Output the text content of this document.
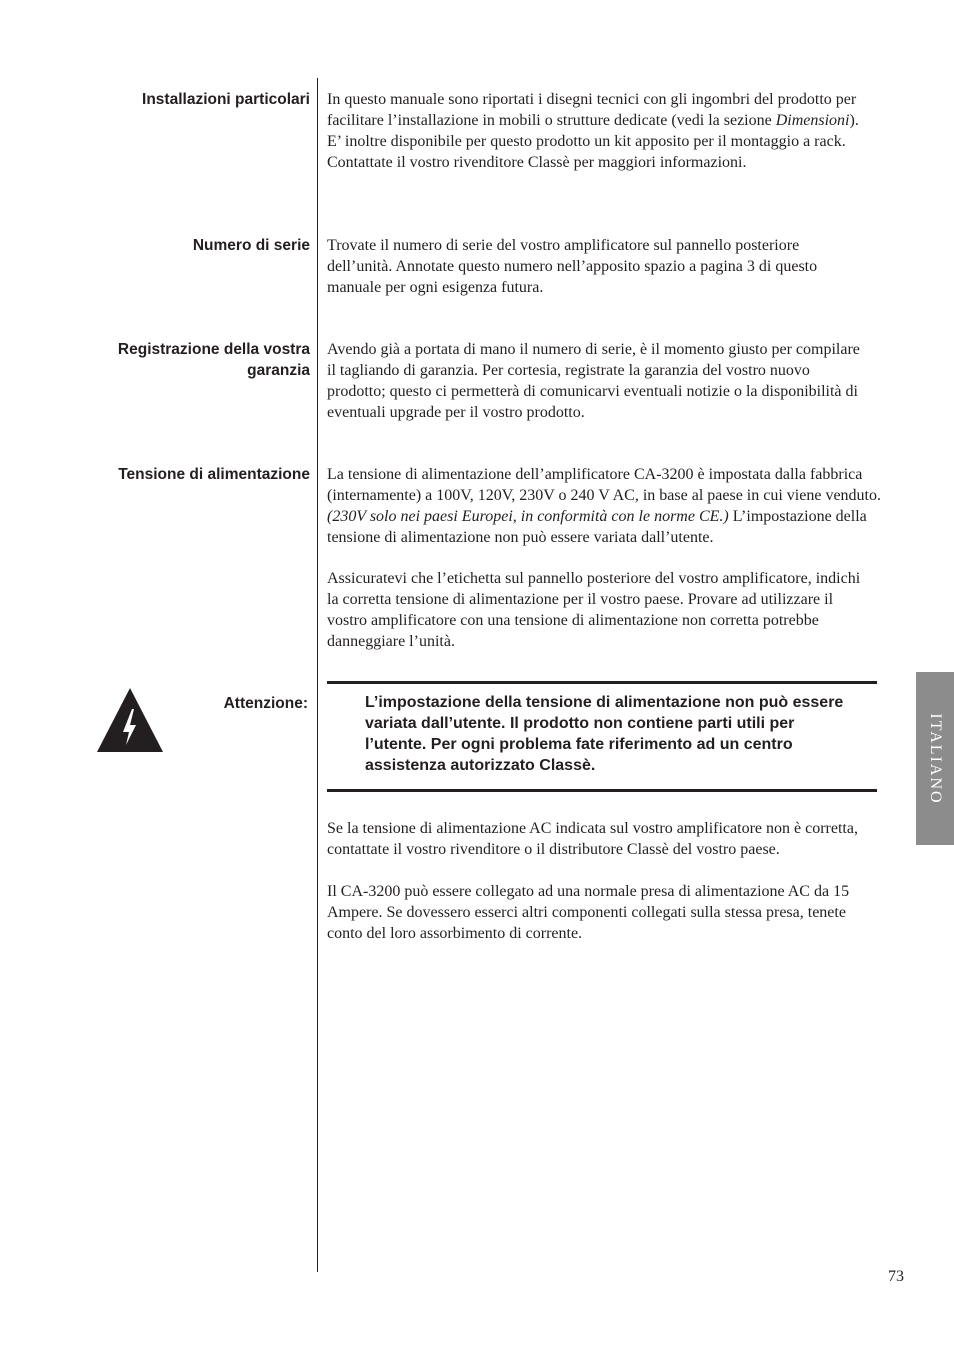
Installazioni particolari In questo manuale sono riportati i disegni tecnici con gli ingombri del prodotto per facilitare l’installazione in mobili o strutture dedicate (vedi la sezione Dimensioni). E’ inoltre disponibile per questo prodotto un kit apposito per il montaggio a rack. Contattate il vostro rivenditore Classè per maggiori informazioni.

Numero di serie Trovate il numero di serie del vostro amplificatore sul pannello posteriore dell’unità. Annotate questo numero nell’apposito spazio a pagina 3 di questo manuale per ogni esigenza futura.

Registrazione della vostra
garanzia

Avendo già a portata di mano il numero di serie, è il momento giusto per compilare il tagliando di garanzia. Per cortesia, registrate la garanzia del vostro nuovo prodotto; questo ci permetterà di comunicarvi eventuali notizie o la disponibilità di eventuali upgrade per il vostro prodotto.

Tensione di alimentazione La tensione di alimentazione dell’amplificatore CA-3200 è impostata dalla fabbrica (internamente) a 100V, 120V, 230V o 240 V AC, in base al paese in cui viene venduto. (230V solo nei paesi Europei, in conformità con le norme CE.) L’impostazione della tensione di alimentazione non può essere variata dall’utente.

Assicuratevi che l’etichetta sul pannello posteriore del vostro amplificatore, indichi la corretta tensione di alimentazione per il vostro paese. Provare ad utilizzare il vostro amplificatore con una tensione di alimentazione non corretta potrebbe danneggiare l’unità.

Attenzione:	L’impostazione della tensione di alimentazione non può essere variata dall’utente. Il prodotto non contiene parti utili per l’utente. Per ogni problema fate riferimento ad un centro assistenza autorizzato Classè.

Se la tensione di alimentazione AC indicata sul vostro amplificatore non è corretta, contattate il vostro rivenditore o il distributore Classè del vostro paese.

Il CA-3200 può essere collegato ad una normale presa di alimentazione AC da 15 Ampere. Se dovessero esserci altri componenti collegati sulla stessa presa, tenete conto del loro assorbimento di corrente.

ITALIANO
73
